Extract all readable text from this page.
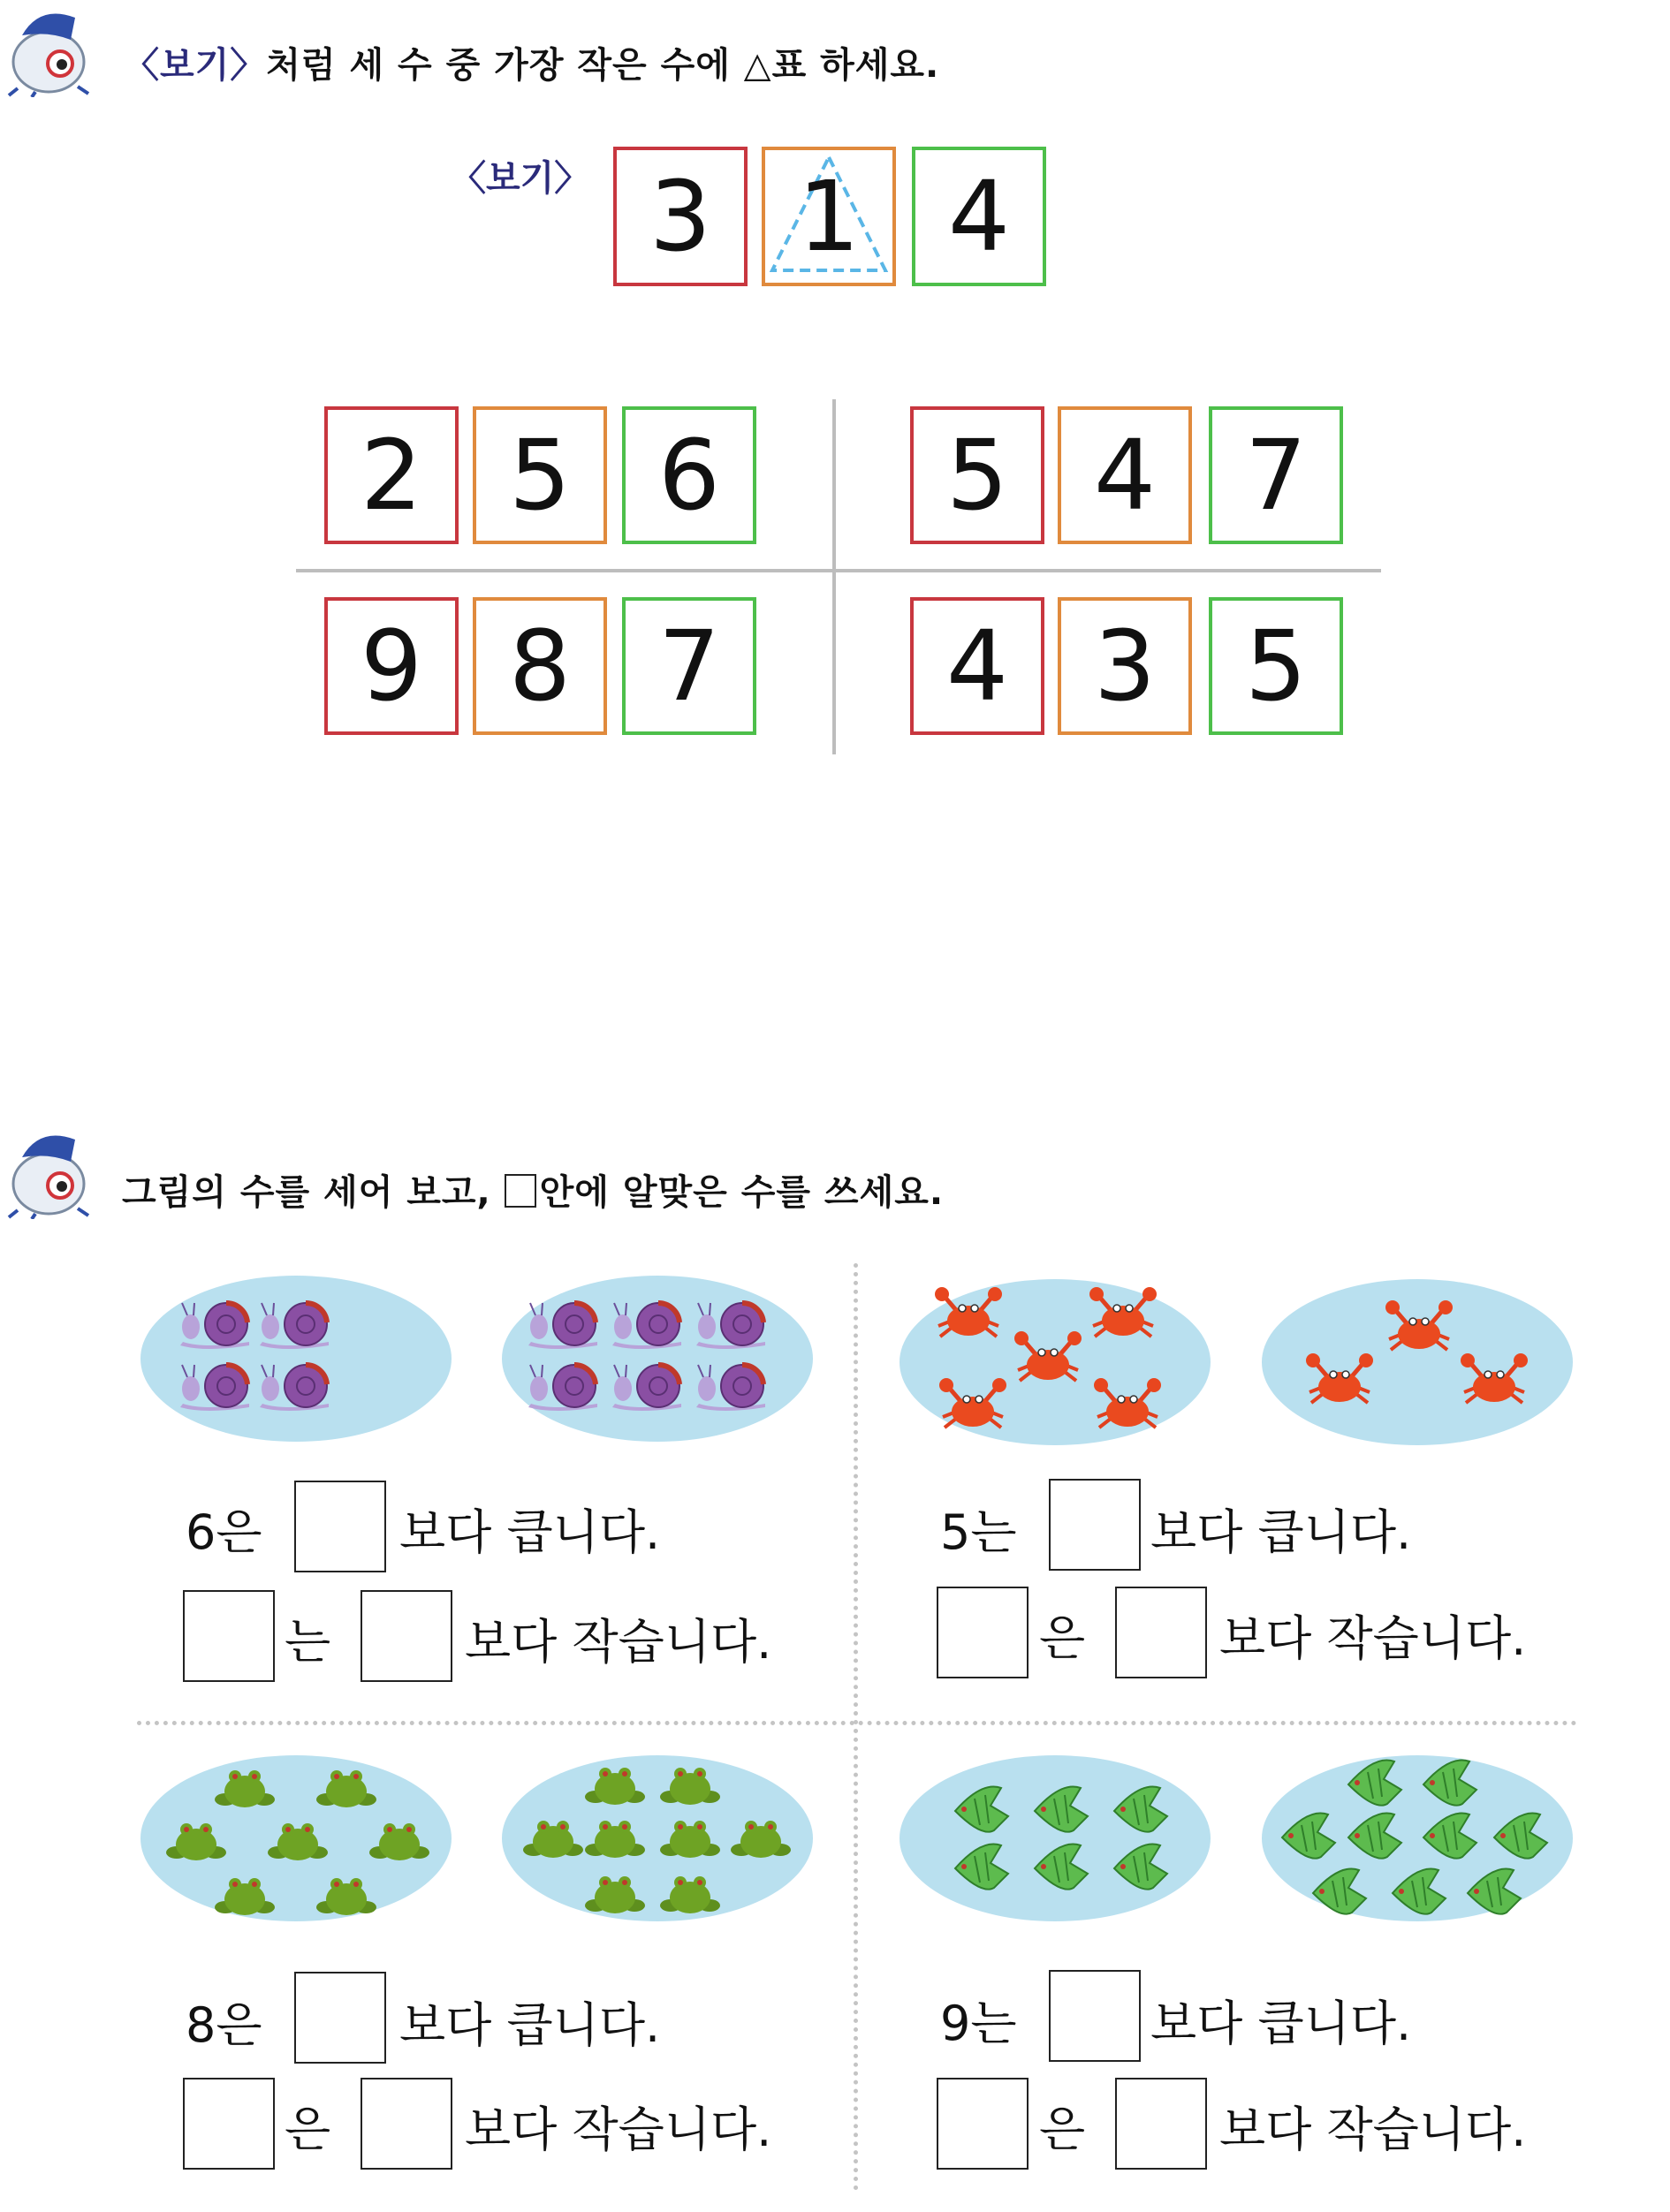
〈보기〉처럼 세 수 중 가장 작은 수에 △표 하세요.
〈보기〉 3 1 4
2 5 6	5 4 7
9 8 7	4 3 5
그림의 수를 세어 보고, 안에 알맞은 수를 쓰세요.
6은	보다 큽니다.
는	보다 작습니다.
5는	보다 큽니다.
은	보다 작습니다.
8은	보다 큽니다.
은	보다 작습니다.
9는	보다 큽니다.
은	보다 작습니다.
